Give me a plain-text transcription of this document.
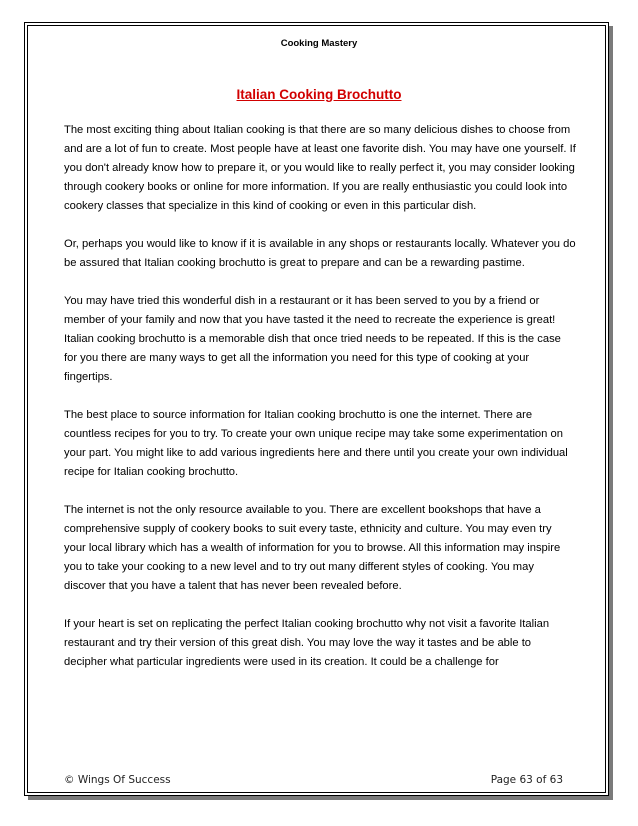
Cooking Mastery
Italian Cooking Brochutto

The most exciting thing about Italian cooking is that there are so many delicious dishes to choose from and are a lot of fun to create. Most people have at least one favorite dish. You may have one yourself. If you don't already know how to prepare it, or you would like to really perfect it, you may consider looking through cookery books or online for more information. If you are really enthusiastic you could look into cookery classes that specialize in this kind of cooking or even in this particular dish.

Or, perhaps you would like to know if it is available in any shops or restaurants locally. Whatever you do be assured that Italian cooking brochutto is great to prepare and can be a rewarding pastime.

You may have tried this wonderful dish in a restaurant or it has been served to you by a friend or member of your family and now that you have tasted it the need to recreate the experience is great! Italian cooking brochutto is a memorable dish that once tried needs to be repeated. If this is the case for you there are many ways to get all the information you need for this type of cooking at your fingertips.

The best place to source information for Italian cooking brochutto is one the internet. There are countless recipes for you to try. To create your own unique recipe may take some experimentation on your part. You might like to add various ingredients here and there until you create your own individual recipe for Italian cooking brochutto.

The internet is not the only resource available to you. There are excellent bookshops that have a comprehensive supply of cookery books to suit every taste, ethnicity and culture. You may even try your local library which has a wealth of information for you to browse. All this information may inspire you to take your cooking to a new level and to try out many different styles of cooking. You may discover that you have a talent that has never been revealed before.

If your heart is set on replicating the perfect Italian cooking brochutto why not visit a favorite Italian restaurant and try their version of this great dish. You may love the way it tastes and be able to decipher what particular ingredients were used in its creation. It could be a challenge for

© Wings Of Success	Page 63 of 63
